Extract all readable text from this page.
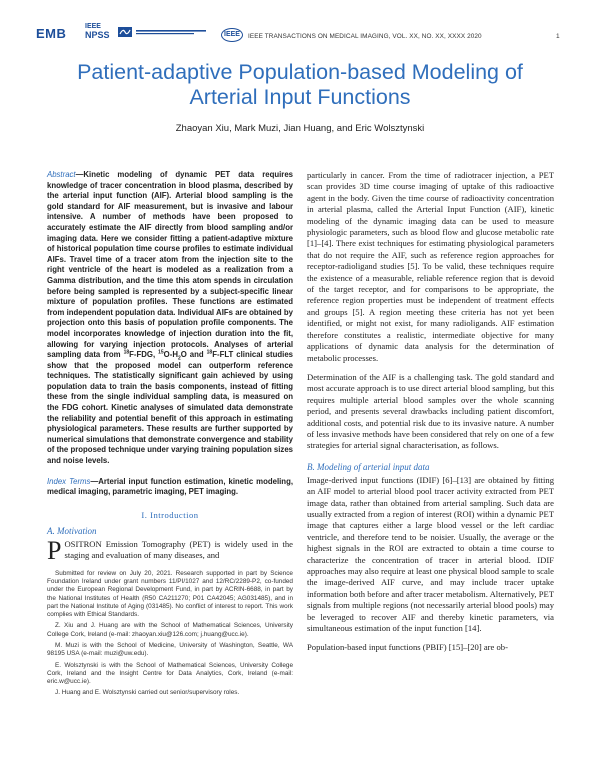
EMB	IEEE
NPSS	IEEE	IEEE TRANSACTIONS ON MEDICAL IMAGING, VOL. XX, NO. XX, XXXX 2020	1
Patient-adaptive Population-based Modeling of
Arterial Input Functions
Zhaoyan Xiu, Mark Muzi, Jian Huang, and Eric Wolsztynski

Abstract—Kinetic modeling of dynamic PET data requires knowledge of tracer concentration in blood plasma, described by the arterial input function (AIF). Arterial blood sampling is the gold standard for AIF measurement, but is invasive and labour intensive. A number of methods have been proposed to accurately estimate the AIF directly from blood sampling and/or imaging data. Here we consider fitting a patient-adaptive mixture of historical population time course profiles to estimate individual AIFs. Travel time of a tracer atom from the injection site to the right ventricle of the heart is modeled as a realization from a Gamma distribution, and the time this atom spends in circulation before being sampled is represented by a subject-specific linear mixture of population profiles. These functions are estimated from independent population data. Individual AIFs are obtained by projection onto this basis of population profile components. The model incorporates knowledge of injection duration into the fit, allowing for varying injection protocols. Analyses of arterial sampling data from $^{18}$F-FDG, $^{15}O-H_2O$ and $^{18}$F-FLT clinical studies show that the proposed model can outperform reference techniques. The statistically significant gain achieved by using population data to train the basis components, instead of fitting these from the single individual sampling data, is measured on the FDG cohort. Kinetic analyses of simulated data demonstrate the reliability and potential benefit of this approach in estimating physiological parameters. These results are further supported by numerical simulations that demonstrate convergence and stability of the proposed technique under varying training population sizes and noise levels.

Index Terms—Arterial input function estimation, kinetic modeling, medical imaging, parametric imaging, PET imaging.

I. Introduction
A. Motivation

POSITRON Emission Tomography (PET) is widely used in the staging and evaluation of many diseases, and

Submitted for review on July 20, 2021. Research supported in part by Science Foundation Ireland under grant numbers 11/PI/1027 and 12/RC/2289-P2, co-funded under the European Regional Development Fund, in part by ACRIN-6688, in part by the National Institutes of Health (R50 CA211270; P01 CA42045; AG031485), and in part the National Institute of Aging (031485). No conflict of interest to report. This work complies with Ethical Standards.

Z. Xiu and J. Huang are with the School of Mathematical Sciences, University College Cork, Ireland (e-mail: zhaoyan.xiu@126.com; j.huang@ucc.ie).

M. Muzi is with the School of Medicine, University of Washington, Seattle, WA 98195 USA (e-mail: muzi@uw.edu).

E. Wolsztynski is with the School of Mathematical Sciences, University College Cork, Ireland and the Insight Centre for Data Analytics, Cork, Ireland (e-mail: eric.w@ucc.ie).

J. Huang and E. Wolsztynski carried out senior/supervisory roles.

particularly in cancer. From the time of radiotracer injection, a PET scan provides 3D time course imaging of uptake of this radioactive agent in the body. Given the time course of radioactivity concentration in arterial plasma, called the Arterial Input Function (AIF), kinetic modeling of the dynamic imaging data can be used to measure physiologic parameters, such as blood flow and glucose metabolic rate [1]–[4]. There exist techniques for estimating physiological parameters that do not require the AIF, such as reference region approaches for receptor-radioligand studies [5]. To be valid, these techniques require the existence of a measurable, reliable reference region that is devoid of the target receptor, and for comparisons to be appropriate, the reference region properties must be independent of treatment effects and groups [5]. A region meeting these criteria has not yet been identified, or might not exist, for many radioligands. AIF estimation therefore constitutes a realistic, intermediate objective for many applications of dynamic data analysis for the determination of metabolic processes.

Determination of the AIF is a challenging task. The gold standard and most accurate approach is to use direct arterial blood sampling, but this requires multiple arterial blood samples over the whole scanning period, and presents several drawbacks including patient discomfort, additional costs, and potential risk due to its invasive nature. A number of less invasive methods have been considered that rely on one of a few strategies for arterial signal characterisation, as follows.

B. Modeling of arterial input data

Image-derived input functions (IDIF) [6]–[13] are obtained by fitting an AIF model to arterial blood pool tracer activity extracted from PET image data, rather than obtained from arterial sampling. Such data are usually extracted from a region of interest (ROI) within a dynamic PET image that captures either a large blood vessel or the left cardiac ventricle, and therefore tend to be noisier. Usually, the average or the highest signals in the ROI are extracted to obtain a time course to characterize the concentration of tracer in arterial blood. IDIF approaches may also require at least one physical blood sample to scale the image-derived AIF curve, and may include tracer uptake information both before and after tracer metabolism. Alternatively, PET signals from multiple regions (not necessarily arterial blood pools) may be leveraged to recover AIF and thereby kinetic parameters, via simultaneous estimation of the input function [14].

Population-based input functions (PBIF) [15]–[20] are ob-
